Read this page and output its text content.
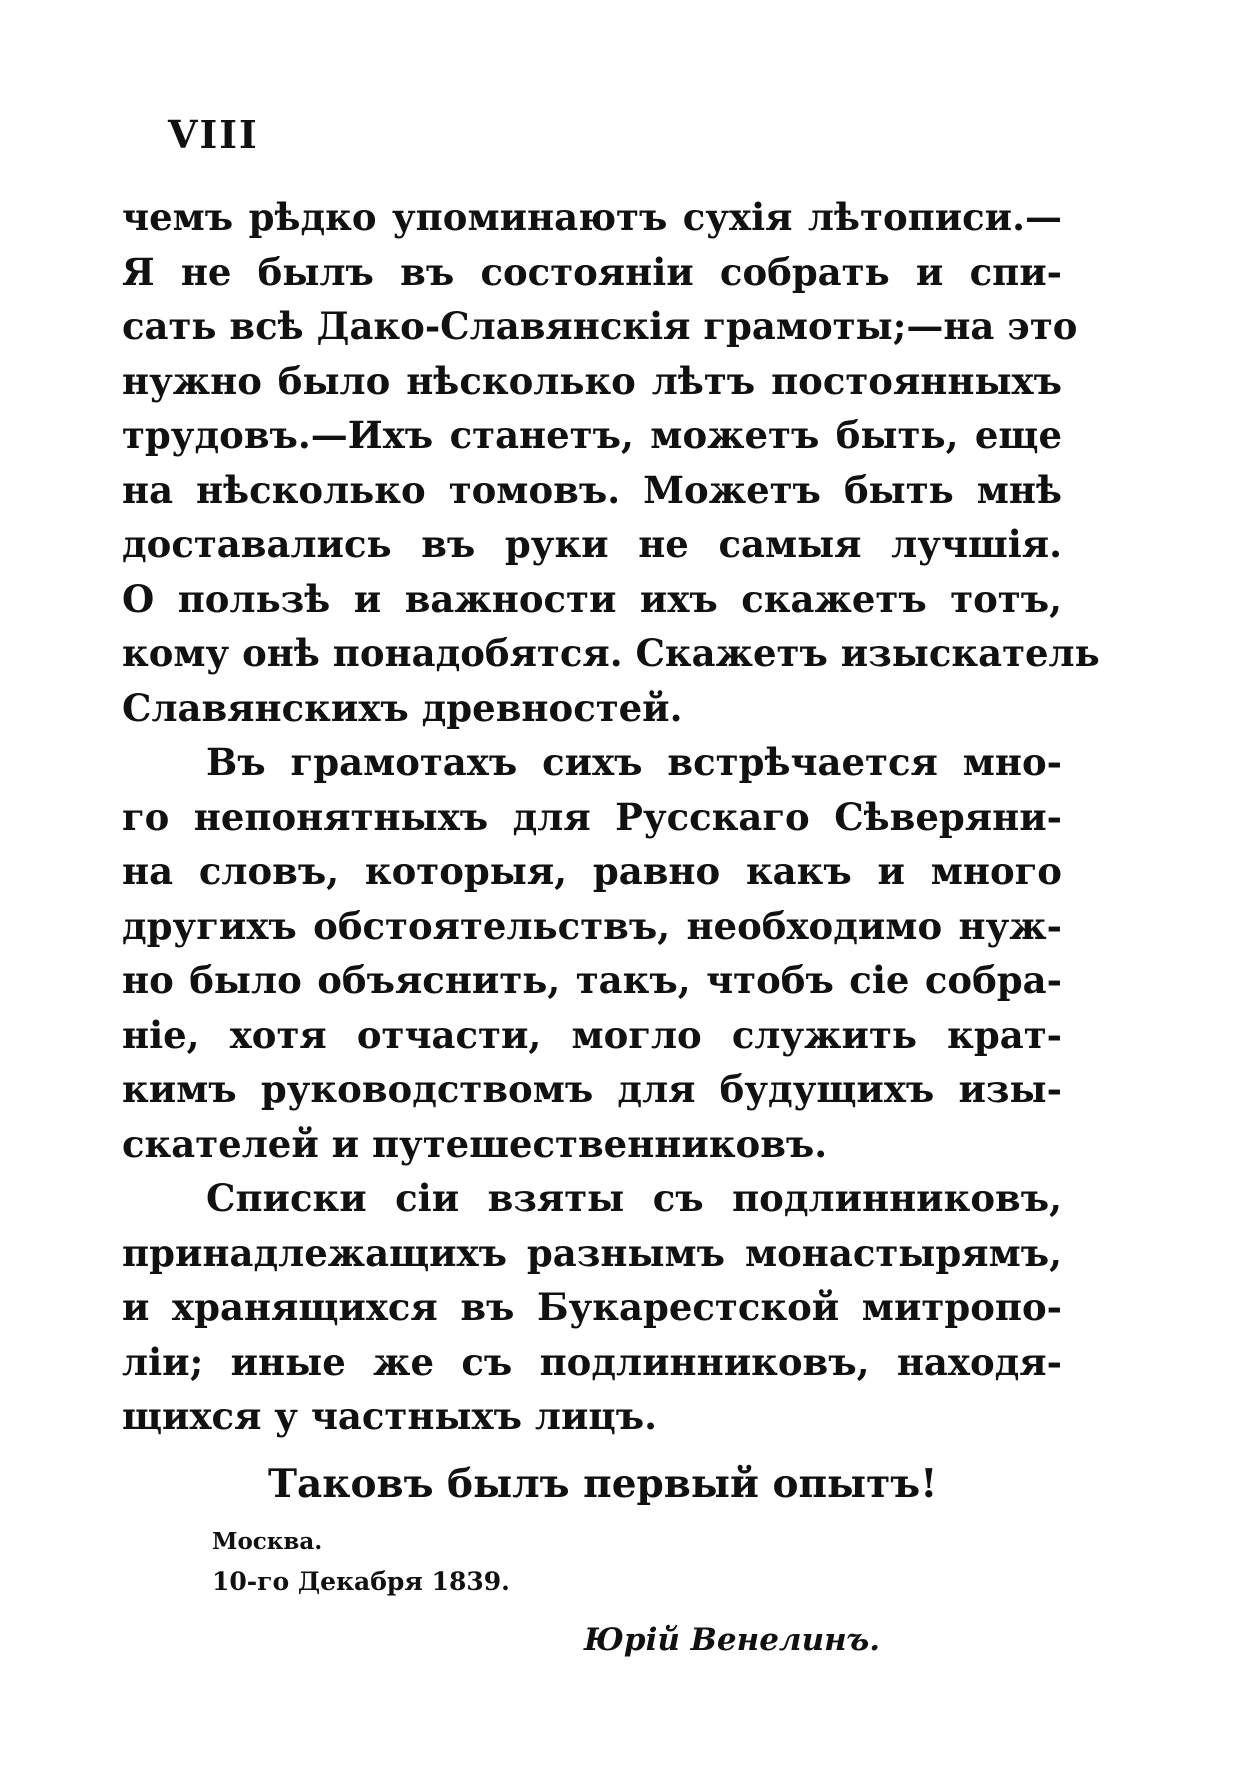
VIII
чемъ рѣдко упоминаютъ сухія лѣтописи.—
Я не былъ въ состояніи собрать и спи-
сать всѣ Дако-Славянскія грамоты;—на это
нужно было нѣсколько лѣтъ постоянныхъ
трудовъ.—Ихъ станетъ, можетъ быть, еще
на нѣсколько томовъ. Можетъ быть мнѣ
доставались въ руки не самыя лучшія.
О пользѣ и важности ихъ скажетъ тотъ,
кому онѣ понадобятся. Скажетъ изыскатель
Славянскихъ древностей.
Въ грамотахъ сихъ встрѣчается мно-
го непонятныхъ для Русскаго Сѣверяни-
на словъ, которыя, равно какъ и много
другихъ обстоятельствъ, необходимо нуж-
но было объяснить, такъ, чтобъ сіе собра-
ніе, хотя отчасти, могло служить крат-
кимъ руководствомъ для будущихъ изы-
скателей и путешественниковъ.
Списки сіи взяты съ подлинниковъ,
принадлежащихъ разнымъ монастырямъ,
и хранящихся въ Букарестской митропо-
ліи; иные же съ подлинниковъ, находя-
щихся у частныхъ лицъ.
Таковъ былъ первый опытъ!
Москва.
10-го Декабря 1839.
Юрій Венелинъ.
